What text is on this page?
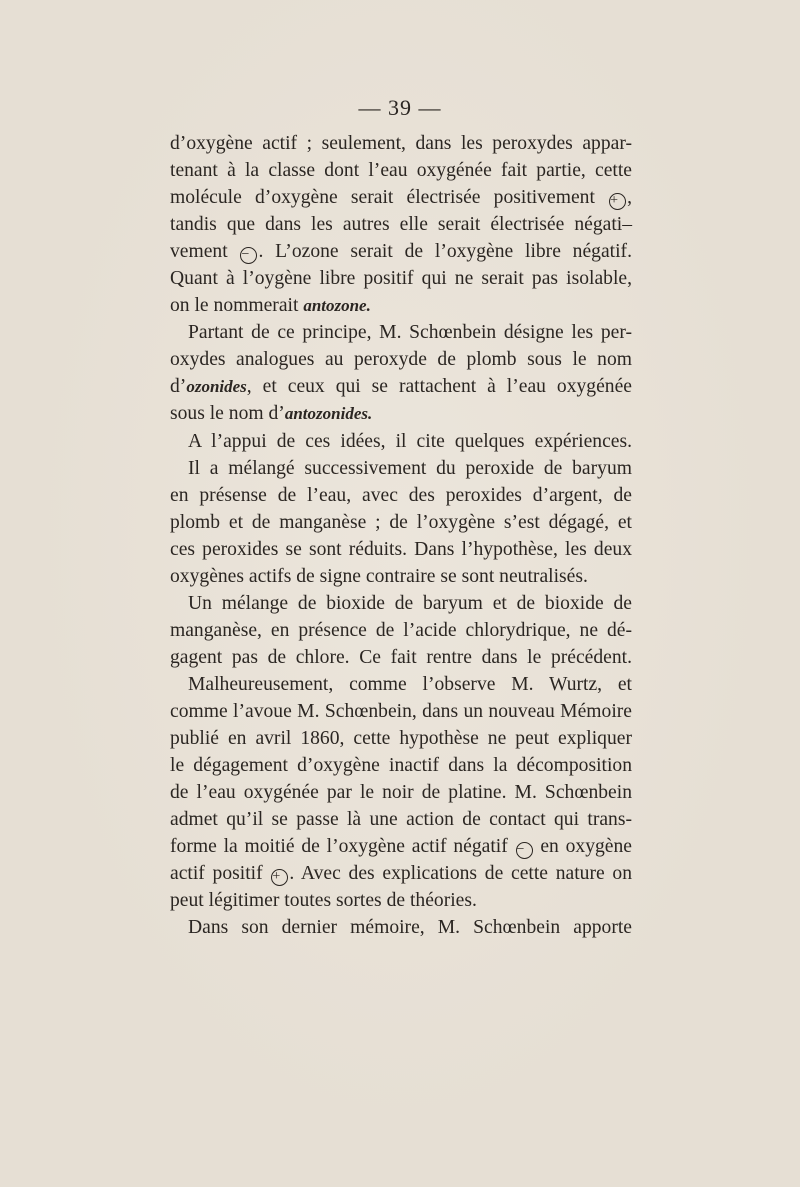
— 39 —
d’oxygène actif ; seulement, dans les peroxydes appar-
tenant à la classe dont l’eau oxygénée fait partie, cette
molécule d’oxygène serait électrisée positivement + ,
tandis que dans les autres elle serait électrisée négati–
vement − . L’ozone serait de l’oxygène libre négatif.
Quant à l’oygène libre positif qui ne serait pas isolable,
on le nommerait antozone.
Partant de ce principe, M. Schœnbein désigne les per-
oxydes analogues au peroxyde de plomb sous le nom
d’ozonides, et ceux qui se rattachent à l’eau oxygénée
sous le nom d’antozonides.
A l’appui de ces idées, il cite quelques expériences.
Il a mélangé successivement du peroxide de baryum
en présense de l’eau, avec des peroxides d’argent, de
plomb et de manganèse ; de l’oxygène s’est dégagé, et
ces peroxides se sont réduits. Dans l’hypothèse, les deux
oxygènes actifs de signe contraire se sont neutralisés.
Un mélange de bioxide de baryum et de bioxide de
manganèse, en présence de l’acide chlorydrique, ne dé-
gagent pas de chlore. Ce fait rentre dans le précédent.
Malheureusement, comme l’observe M. Wurtz, et
comme l’avoue M. Schœnbein, dans un nouveau Mémoire
publié en avril 1860, cette hypothèse ne peut expliquer
le dégagement d’oxygène inactif dans la décomposition
de l’eau oxygénée par le noir de platine. M. Schœnbein
admet qu’il se passe là une action de contact qui trans-
forme la moitié de l’oxygène actif négatif − en oxygène
actif positif + . Avec des explications de cette nature on
peut légitimer toutes sortes de théories.
Dans son dernier mémoire, M. Schœnbein apporte
